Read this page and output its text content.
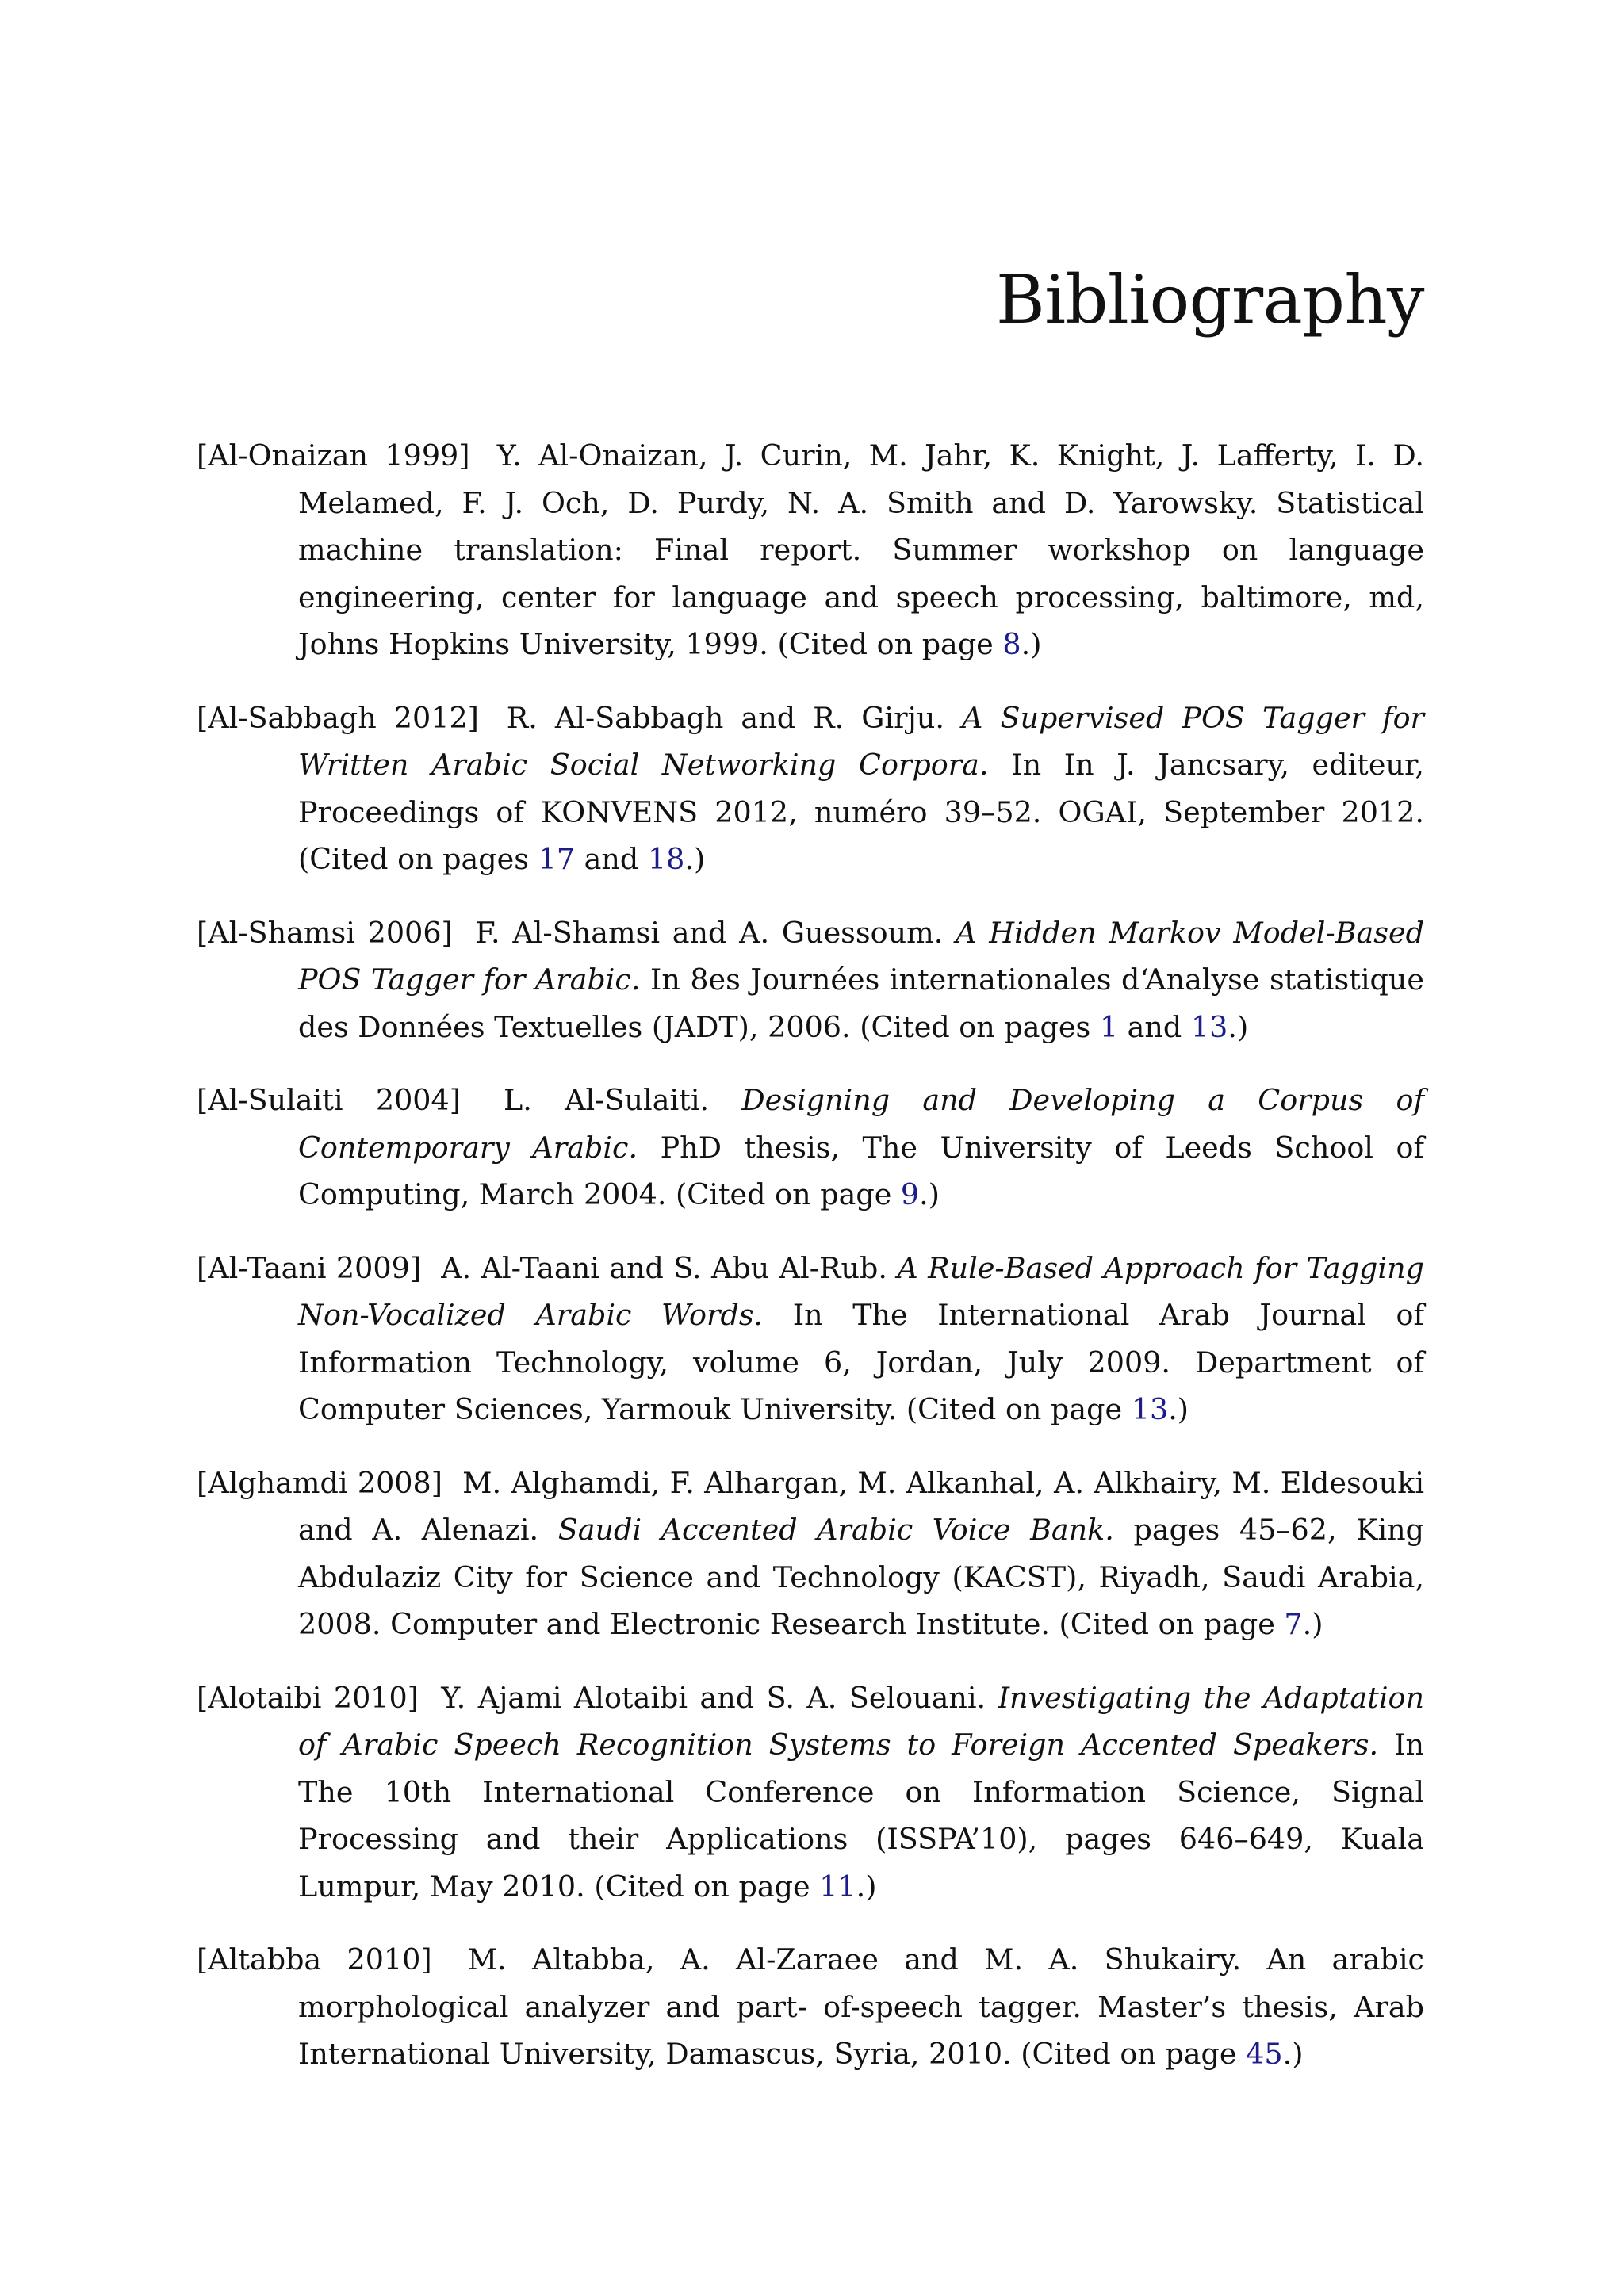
Bibliography
[Al-Onaizan 1999] Y. Al-Onaizan, J. Curin, M. Jahr, K. Knight, J. Lafferty, I. D. Melamed, F. J. Och, D. Purdy, N. A. Smith and D. Yarowsky. Statistical machine translation: Final report. Summer workshop on language engineering, center for language and speech processing, baltimore, md, Johns Hopkins University, 1999. (Cited on page 8.)
[Al-Sabbagh 2012] R. Al-Sabbagh and R. Girju. A Supervised POS Tagger for Written Arabic Social Networking Corpora. In In J. Jancsary, editeur, Proceedings of KONVENS 2012, numéro 39–52. OGAI, September 2012. (Cited on pages 17 and 18.)
[Al-Shamsi 2006] F. Al-Shamsi and A. Guessoum. A Hidden Markov Model-Based POS Tagger for Arabic. In 8es Journées internationales d‘Analyse statistique des Données Textuelles (JADT), 2006. (Cited on pages 1 and 13.)
[Al-Sulaiti 2004] L. Al-Sulaiti. Designing and Developing a Corpus of Contemporary Arabic. PhD thesis, The University of Leeds School of Computing, March 2004. (Cited on page 9.)
[Al-Taani 2009] A. Al-Taani and S. Abu Al-Rub. A Rule-Based Approach for Tagging Non-Vocalized Arabic Words. In The International Arab Journal of Information Technology, volume 6, Jordan, July 2009. Department of Computer Sciences, Yarmouk University. (Cited on page 13.)
[Alghamdi 2008] M. Alghamdi, F. Alhargan, M. Alkanhal, A. Alkhairy, M. Eldesouki and A. Alenazi. Saudi Accented Arabic Voice Bank. pages 45–62, King Abdulaziz City for Science and Technology (KACST), Riyadh, Saudi Arabia, 2008. Computer and Electronic Research Institute. (Cited on page 7.)
[Alotaibi 2010] Y. Ajami Alotaibi and S. A. Selouani. Investigating the Adaptation of Arabic Speech Recognition Systems to Foreign Accented Speakers. In The 10th International Conference on Information Science, Signal Processing and their Applications (ISSPA’10), pages 646–649, Kuala Lumpur, May 2010. (Cited on page 11.)
[Altabba 2010] M. Altabba, A. Al-Zaraee and M. A. Shukairy. An arabic morphological analyzer and part- of-speech tagger. Master’s thesis, Arab International University, Damascus, Syria, 2010. (Cited on page 45.)
